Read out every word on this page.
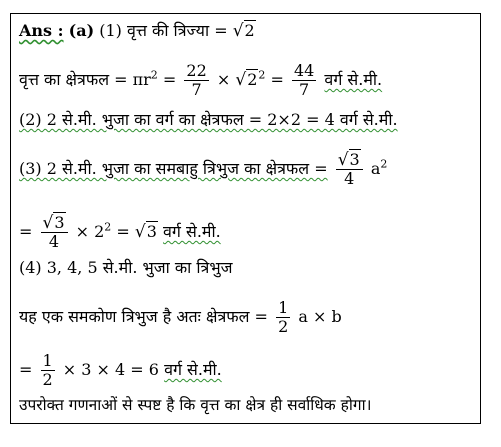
Ans : (a) (1) वृत्त की त्रिज्या = √2
वृत्त का क्षेत्रफल = $\pi r^2 = \frac{22}{7} \times √2^2 = \frac{44}{7}$ वर्ग से.मी.
(2) 2 से.मी. भुजा का वर्ग का क्षेत्रफल = 2×2 = 4 वर्ग से.मी.
(3) 2 से.मी. भुजा का समबाहु त्रिभुज का क्षेत्रफल = $\frac{√3}{4} a^2$
= $\frac{√3}{4} \times 2^2 = √3$ वर्ग से.मी.
(4) 3, 4, 5 से.मी. भुजा का त्रिभुज
यह एक समकोण त्रिभुज है अतः क्षेत्रफल = $\frac{1}{2}$ a × b
= $\frac{1}{2} \times 3 \times 4 = 6$ वर्ग से.मी.
उपरोक्त गणनाओं से स्पष्ट है कि वृत्त का क्षेत्र ही सर्वाधिक होगा।
